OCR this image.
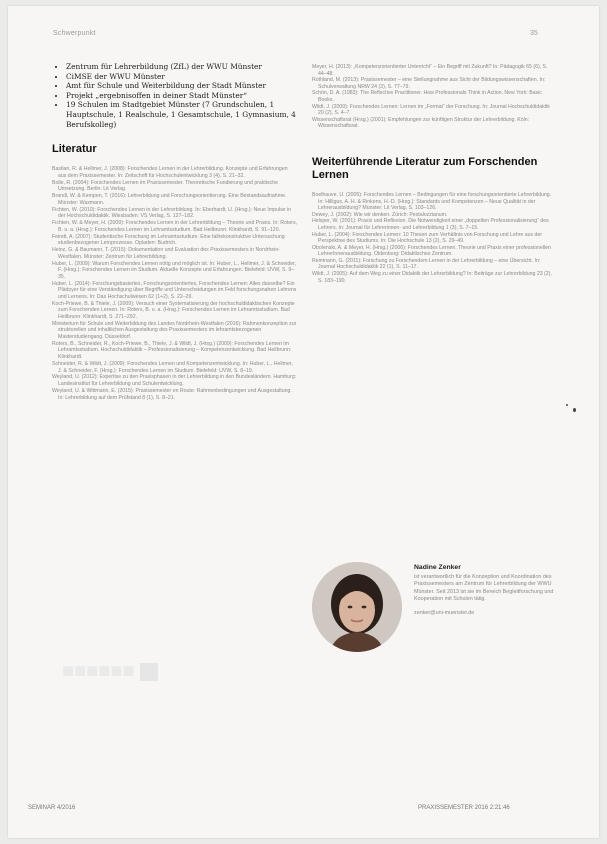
Schwerpunkt	35
• Zentrum für Lehrerbildung (ZfL) der WWU Münster
• CiMSE der WWU Münster
• Amt für Schule und Weiterbildung der Stadt Münster
• Projekt „ergebnisoffen in deiner Stadt Münster“
• 19 Schulen im Stadtgebiet Münster (7 Grundschulen, 1 Hauptschule, 1 Realschule, 1 Gesamtschule, 1 Gymnasium, 4 Berufskolleg)
Literatur

Bastian, R. & Hellmer, J. (2008): Forschendes Lernen in der Lehrerbildung. Konzepte und Erfahrungen aus dem Praxissemester. In: Zeitschrift für Hochschulentwicklung 3 (4), S. 21–32.

Bolle, R. (2004): Forschendes Lernen im Praxissemester. Theoretische Fundierung und praktische Umsetzung. Berlin: Lit Verlag.

Brandl, W. & Kempen, T. (2016): Lehrerbildung und Forschungsorientierung. Eine Bestandsaufnahme. Münster: Waxmann.

Fichten, W. (2010): Forschendes Lernen in der Lehrerbildung. In: Eberhardt, U. (Hrsg.): Neue Impulse in der Hochschuldidaktik. Wiesbaden: VS Verlag, S. 127–182.

Fichten, W. & Meyer, H. (2009): Forschendes Lernen in der Lehrerbildung – Theorie und Praxis. In: Roters, B. u. a. (Hrsg.): Forschendes Lernen im Lehramtsstudium. Bad Heilbrunn: Klinkhardt, S. 91–120.

Feindt, A. (2007): Studentische Forschung im Lehramtsstudium. Eine fallrekonstruktive Untersuchung studienbezogener Lernprozesse. Opladen: Budrich.

Heinz, G. & Baumann, T. (2015): Dokumentation und Evaluation des Praxissemesters in Nordrhein-Westfalen. Münster: Zentrum für Lehrerbildung.

Huber, L. (2009): Warum Forschendes Lernen nötig und möglich ist. In: Huber, L., Hellmer, J. & Schneider, F. (Hrsg.): Forschendes Lernen im Studium. Aktuelle Konzepte und Erfahrungen. Bielefeld: UVW, S. 9–35.

Huber, L. (2014): Forschungsbasiertes, Forschungsorientiertes, Forschendes Lernen: Alles dasselbe? Ein Plädoyer für eine Verständigung über Begriffe und Unterscheidungen im Feld forschungsnahen Lehrens und Lernens. In: Das Hochschulwesen 62 (1+2), S. 22–29.

Koch-Priewe, B. & Thiele, J. (2009): Versuch einer Systematisierung der hochschuldidaktischen Konzepte zum Forschenden Lernen. In: Roters, B. u. a. (Hrsg.): Forschendes Lernen im Lehramtsstudium. Bad Heilbrunn: Klinkhardt, S. 271–292.

Ministerium für Schule und Weiterbildung des Landes Nordrhein-Westfalen (2016): Rahmenkonzeption zur strukturellen und inhaltlichen Ausgestaltung des Praxissemesters im lehramtsbezogenen Masterstudiengang. Düsseldorf.

Roters, B., Schneider, R., Koch-Priewe, B., Thiele, J. & Wildt, J. (Hrsg.) (2009): Forschendes Lernen im Lehramtsstudium. Hochschuldidaktik – Professionalisierung – Kompetenzentwicklung. Bad Heilbrunn: Klinkhardt.

Schneider, R. & Wildt, J. (2009): Forschendes Lernen und Kompetenzentwicklung. In: Huber, L., Hellmer, J. & Schneider, F. (Hrsg.): Forschendes Lernen im Studium. Bielefeld: UVW, S. 8–19.

Weyland, U. (2012): Expertise zu den Praxisphasen in der Lehrerbildung in den Bundesländern. Hamburg: Landesinstitut für Lehrerbildung und Schulentwicklung.

Weyland, U. & Wittmann, E. (2015): Praxissemester en Route: Rahmenbedingungen und Ausgestaltung. In: Lehrerbildung auf dem Prüfstand 8 (1), S. 8–21.

Meyer, H. (2013): „Kompetenzorientierter Unterricht“ – Ein Begriff mit Zukunft? In: Pädagogik 65 (6), S. 44–48.

Rothland, M. (2013): Praxissemester – eine Stellungnahme aus Sicht der Bildungswissenschaften. In: Schulverwaltung NRW 24 (3), S. 77–79.

Schön, D. A. (1983): The Reflective Practitioner. How Professionals Think in Action. New York: Basic Books.

Wildt, J. (2009): Forschendes Lernen: Lernen im „Format“ der Forschung. In: Journal Hochschuldidaktik 20 (2), S. 4–7.

Wissenschaftsrat (Hrsg.) (2001): Empfehlungen zur künftigen Struktur der Lehrerbildung. Köln: Wissenschaftsrat.

Weiterführende Literatur zum Forschenden Lernen

Boelhauve, U. (2005): Forschendes Lernen – Bedingungen für eine forschungsorientierte Lehrerbildung. In: Hilligus, A. H. & Rinkens, H.-D. (Hrsg.): Standards und Kompetenzen – Neue Qualität in der Lehrerausbildung? Münster: Lit Verlag, S. 103–126.

Dewey, J. (2002): Wie wir denken. Zürich: Pestalozzianum.

Helsper, W. (2001): Praxis und Reflexion. Die Notwendigkeit einer „doppelten Professionalisierung“ des Lehrers. In: Journal für Lehrerinnen- und Lehrerbildung 1 (3), S. 7–15.

Huber, L. (2004): Forschendes Lernen: 10 Thesen zum Verhältnis von Forschung und Lehre aus der Perspektive des Studiums. In: Die Hochschule 13 (2), S. 29–49.

Obolenski, A. & Meyer, H. (Hrsg.) (2006): Forschendes Lernen. Theorie und Praxis einer professionellen LehrerInnenausbildung. Oldenburg: Didaktisches Zentrum.

Reinmann, G. (2011): Forschung zu Forschendem Lernen in der Lehrerbildung – eine Übersicht. In: Journal Hochschuldidaktik 22 (1), S. 11–17.

Wildt, J. (2005): Auf dem Weg zu einer Didaktik der Lehrerbildung? In: Beiträge zur Lehrerbildung 23 (2), S. 183–190.

Nadine Zenker

ist verantwortlich für die Konzeption und Koordination des Praxissemesters am Zentrum für Lehrerbildung der WWU Münster. Seit 2013 ist sie im Bereich Begleitforschung und Kooperation mit Schulen tätig.

zenker@uni-muenster.de
■■■■■■
SEMINAR 4/2016	PRAXISSEMESTER 2016 2:21:46
